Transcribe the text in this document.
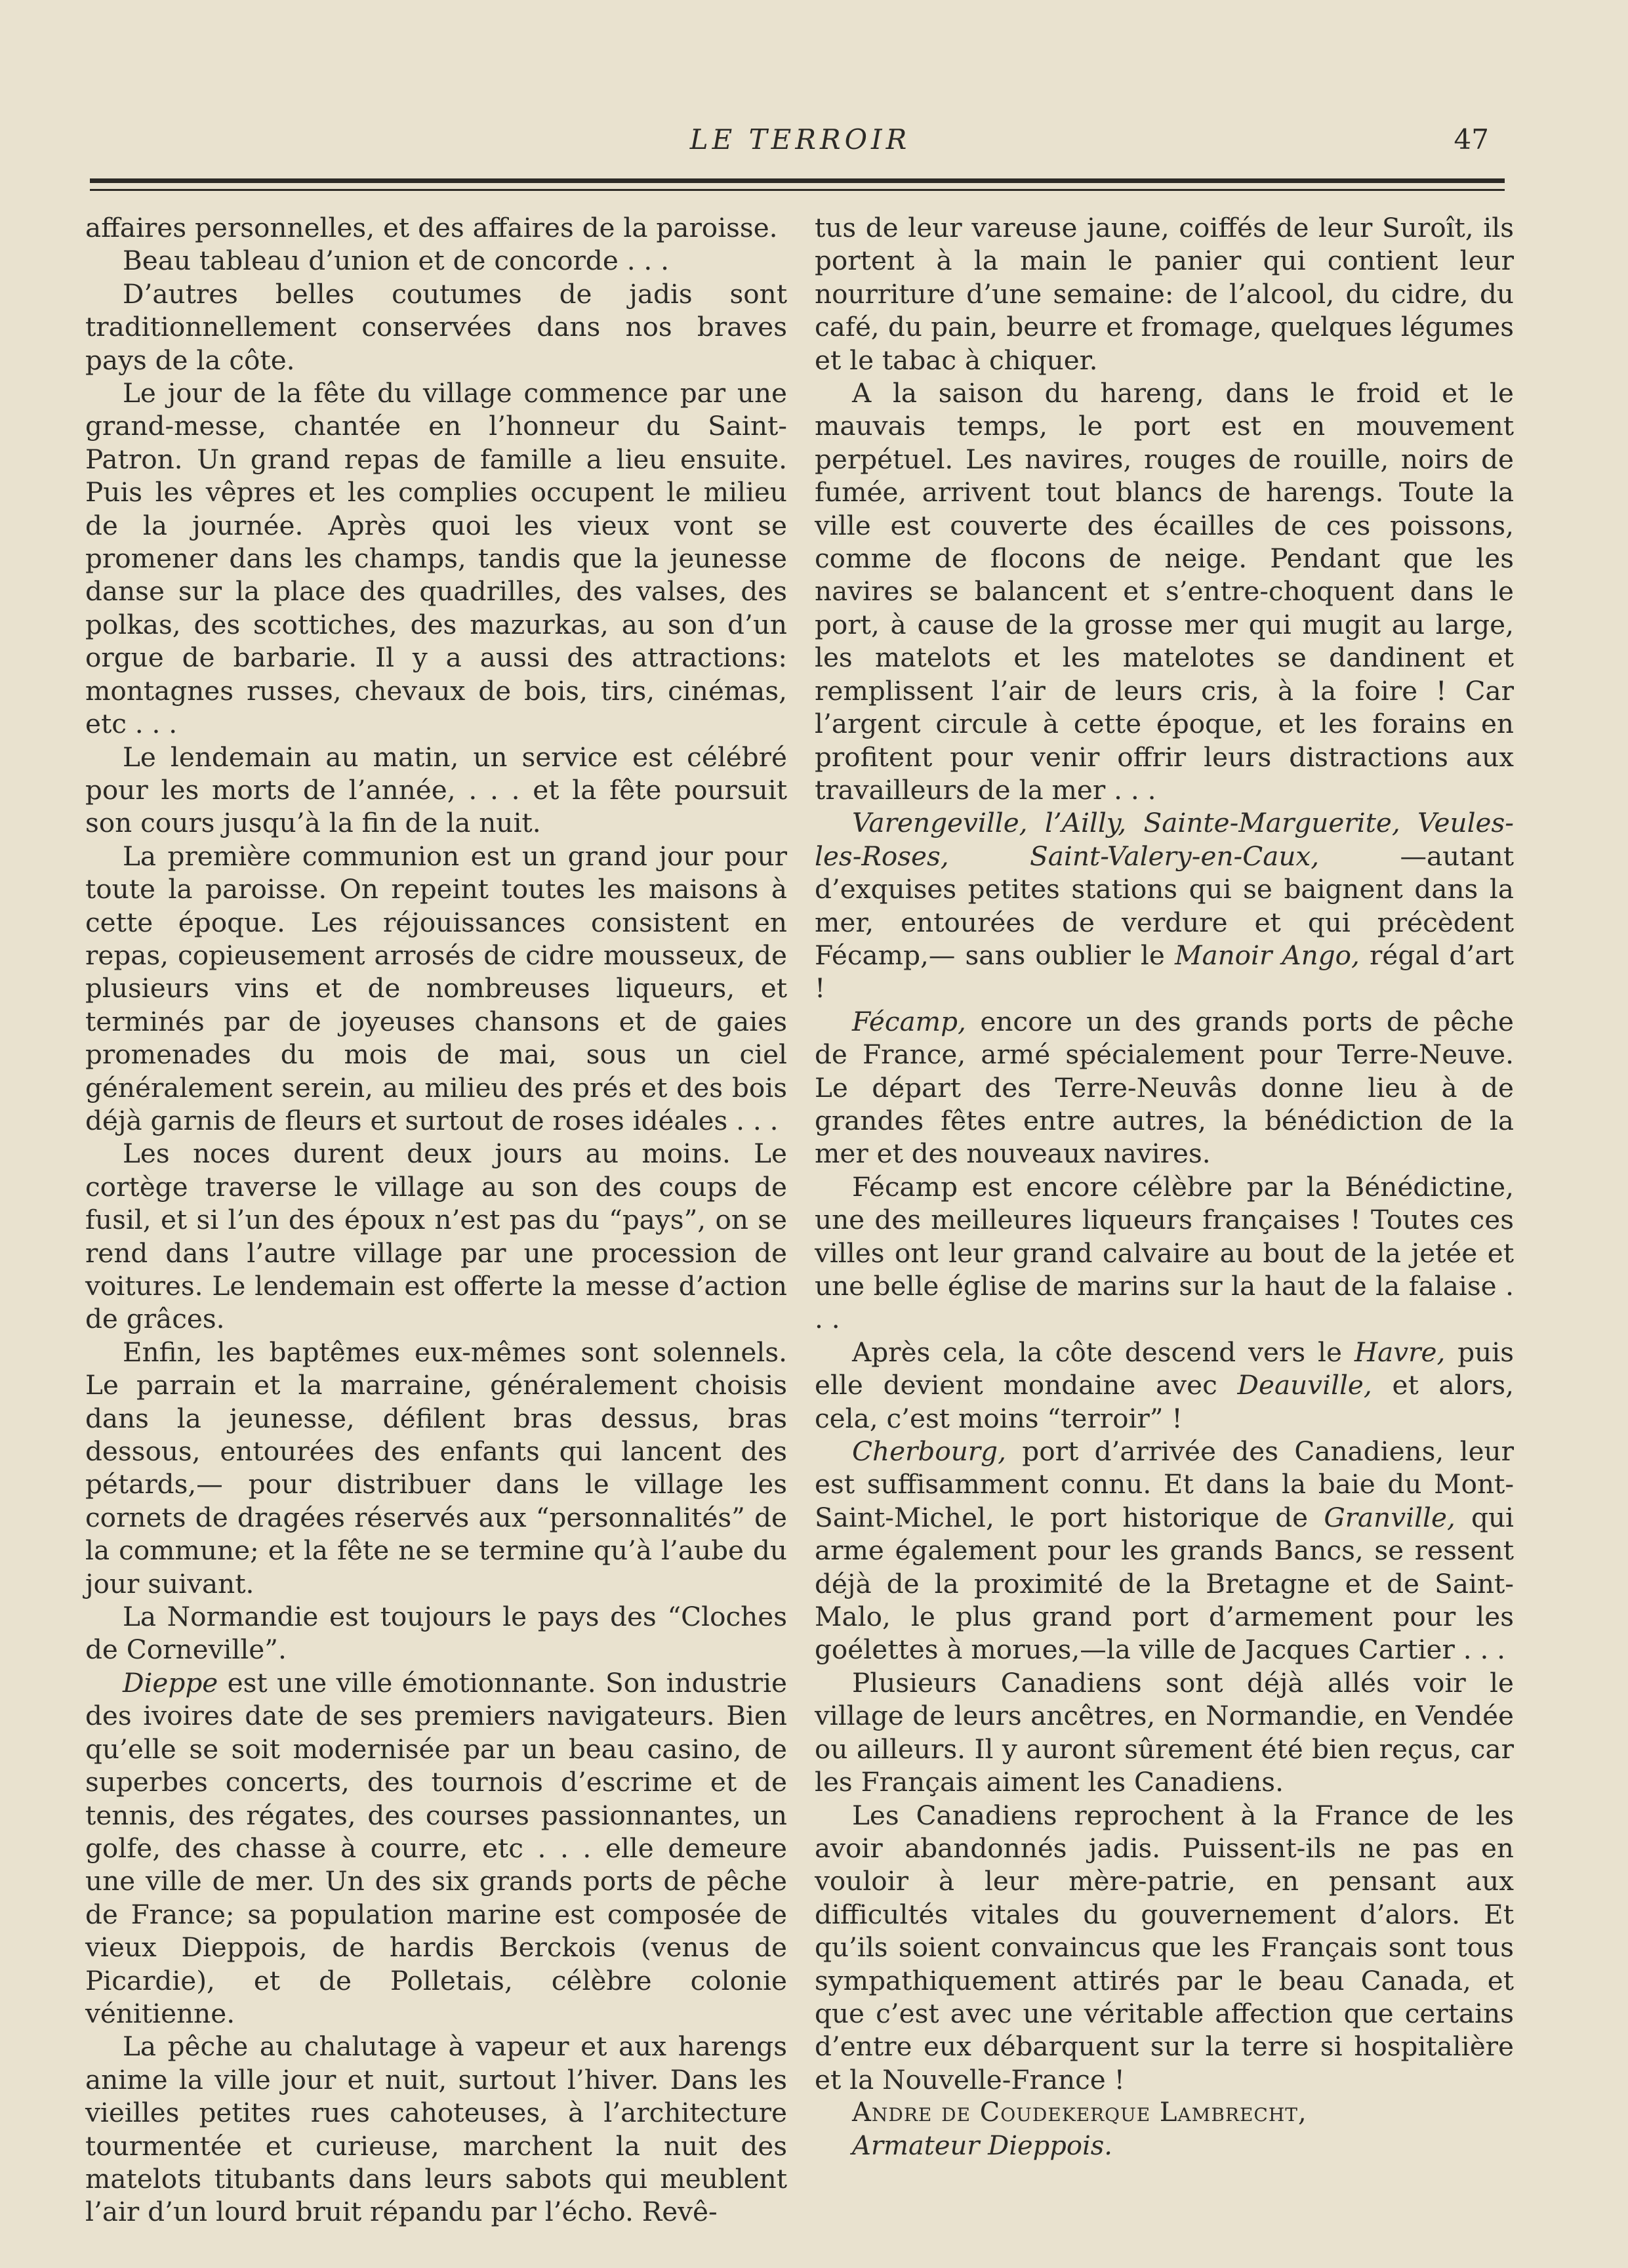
LE TERROIR	47

affaires personnelles, et des affaires de la paroisse.

Beau tableau d’union et de concorde . . .

D’autres belles coutumes de jadis sont traditionnellement conservées dans nos braves pays de la côte.

Le jour de la fête du village commence par une grand-messe, chantée en l’honneur du Saint-Patron. Un grand repas de famille a lieu ensuite. Puis les vêpres et les complies occupent le milieu de la journée. Après quoi les vieux vont se promener dans les champs, tandis que la jeunesse danse sur la place des quadrilles, des valses, des polkas, des scottiches, des mazurkas, au son d’un orgue de barbarie. Il y a aussi des attractions: montagnes russes, chevaux de bois, tirs, cinémas, etc . . .

Le lendemain au matin, un service est célébré pour les morts de l’année, . . . et la fête poursuit son cours jusqu’à la fin de la nuit.

La première communion est un grand jour pour toute la paroisse. On repeint toutes les maisons à cette époque. Les réjouissances consistent en repas, copieusement arrosés de cidre mousseux, de plusieurs vins et de nombreuses liqueurs, et terminés par de joyeuses chansons et de gaies promenades du mois de mai, sous un ciel généralement serein, au milieu des prés et des bois déjà garnis de fleurs et surtout de roses idéales . . .

Les noces durent deux jours au moins. Le cortège traverse le village au son des coups de fusil, et si l’un des époux n’est pas du “pays”, on se rend dans l’autre village par une procession de voitures. Le lendemain est offerte la messe d’action de grâces.

Enfin, les baptêmes eux-mêmes sont solennels. Le parrain et la marraine, généralement choisis dans la jeunesse, défilent bras dessus, bras dessous, entourées des enfants qui lancent des pétards,— pour distribuer dans le village les cornets de dragées réservés aux “personnalités” de la commune; et la fête ne se termine qu’à l’aube du jour suivant.

La Normandie est toujours le pays des “Cloches de Corneville”.

Dieppe est une ville émotionnante. Son industrie des ivoires date de ses premiers navigateurs. Bien qu’elle se soit modernisée par un beau casino, de superbes concerts, des tournois d’escrime et de tennis, des régates, des courses passionnantes, un golfe, des chasse à courre, etc . . . elle demeure une ville de mer. Un des six grands ports de pêche de France; sa population marine est composée de vieux Dieppois, de hardis Berckois (venus de Picardie), et de Polletais, célèbre colonie vénitienne.

La pêche au chalutage à vapeur et aux harengs anime la ville jour et nuit, surtout l’hiver. Dans les vieilles petites rues cahoteuses, à l’architecture tourmentée et curieuse, marchent la nuit des matelots titubants dans leurs sabots qui meublent l’air d’un lourd bruit répandu par l’écho. Revê-

tus de leur vareuse jaune, coiffés de leur Suroît, ils portent à la main le panier qui contient leur nourriture d’une semaine: de l’alcool, du cidre, du café, du pain, beurre et fromage, quelques légumes et le tabac à chiquer.

A la saison du hareng, dans le froid et le mauvais temps, le port est en mouvement perpétuel. Les navires, rouges de rouille, noirs de fumée, arrivent tout blancs de harengs. Toute la ville est couverte des écailles de ces poissons, comme de flocons de neige. Pendant que les navires se balancent et s’entre-choquent dans le port, à cause de la grosse mer qui mugit au large, les matelots et les matelotes se dandinent et remplissent l’air de leurs cris, à la foire ! Car l’argent circule à cette époque, et les forains en profitent pour venir offrir leurs distractions aux travailleurs de la mer . . .

Varengeville, l’Ailly, Sainte-Marguerite, Veules-les-Roses, Saint-Valery-en-Caux, —autant d’exquises petites stations qui se baignent dans la mer, entourées de verdure et qui précèdent Fécamp,— sans oublier le Manoir Ango, régal d’art !

Fécamp, encore un des grands ports de pêche de France, armé spécialement pour Terre-Neuve. Le départ des Terre-Neuvâs donne lieu à de grandes fêtes entre autres, la bénédiction de la mer et des nouveaux navires.

Fécamp est encore célèbre par la Bénédictine, une des meilleures liqueurs françaises ! Toutes ces villes ont leur grand calvaire au bout de la jetée et une belle église de marins sur la haut de la falaise . . .

Après cela, la côte descend vers le Havre, puis elle devient mondaine avec Deauville, et alors, cela, c’est moins “terroir” !

Cherbourg, port d’arrivée des Canadiens, leur est suffisamment connu. Et dans la baie du Mont-Saint-Michel, le port historique de Granville, qui arme également pour les grands Bancs, se ressent déjà de la proximité de la Bretagne et de Saint-Malo, le plus grand port d’armement pour les goélettes à morues,—la ville de Jacques Cartier . . .

Plusieurs Canadiens sont déjà allés voir le village de leurs ancêtres, en Normandie, en Vendée ou ailleurs. Il y auront sûrement été bien reçus, car les Français aiment les Canadiens.

Les Canadiens reprochent à la France de les avoir abandonnés jadis. Puissent-ils ne pas en vouloir à leur mère-patrie, en pensant aux difficultés vitales du gouvernement d’alors. Et qu’ils soient convaincus que les Français sont tous sympathiquement attirés par le beau Canada, et que c’est avec une véritable affection que certains d’entre eux débarquent sur la terre si hospitalière et la Nouvelle-France !

Andre de Coudekerque Lambrecht,

Armateur Dieppois.
